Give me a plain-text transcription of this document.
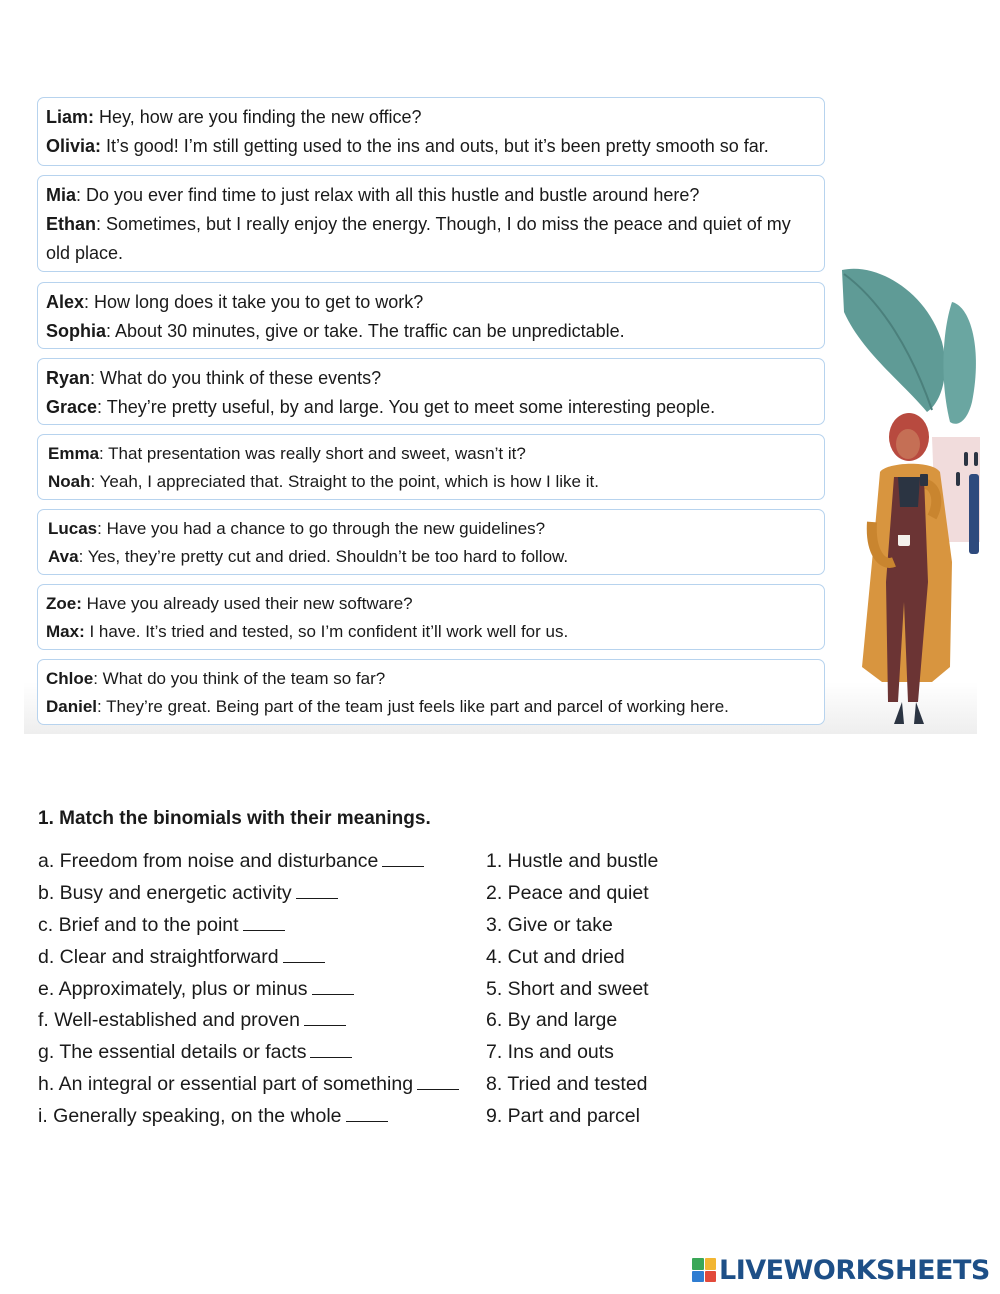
Liam: Hey, how are you finding the new office?
Olivia: It’s good! I’m still getting used to the ins and outs, but it’s been pretty smooth so far.
Mia: Do you ever find time to just relax with all this hustle and bustle around here?
Ethan: Sometimes, but I really enjoy the energy. Though, I do miss the peace and quiet of my old place.
Alex: How long does it take you to get to work?
Sophia: About 30 minutes, give or take. The traffic can be unpredictable.
Ryan: What do you think of these events?
Grace: They’re pretty useful, by and large. You get to meet some interesting people.
Emma: That presentation was really short and sweet, wasn’t it?
Noah: Yeah, I appreciated that. Straight to the point, which is how I like it.
Lucas: Have you had a chance to go through the new guidelines?
Ava: Yes, they’re pretty cut and dried. Shouldn’t be too hard to follow.
Zoe: Have you already used their new software?
Max: I have. It’s tried and tested, so I’m confident it’ll work well for us.
Chloe: What do you think of the team so far?
Daniel: They’re great. Being part of the team just feels like part and parcel of working here.
1. Match the binomials with their meanings.
a. Freedom from noise and disturbance
b. Busy and energetic activity
c. Brief and to the point
d. Clear and straightforward
e. Approximately, plus or minus
f. Well-established and proven
g. The essential details or facts
h. An integral or essential part of something
i. Generally speaking, on the whole
1. Hustle and bustle
2. Peace and quiet
3. Give or take
4. Cut and dried
5. Short and sweet
6. By and large
7. Ins and outs
8. Tried and tested
9. Part and parcel
LIVEWORKSHEETS
